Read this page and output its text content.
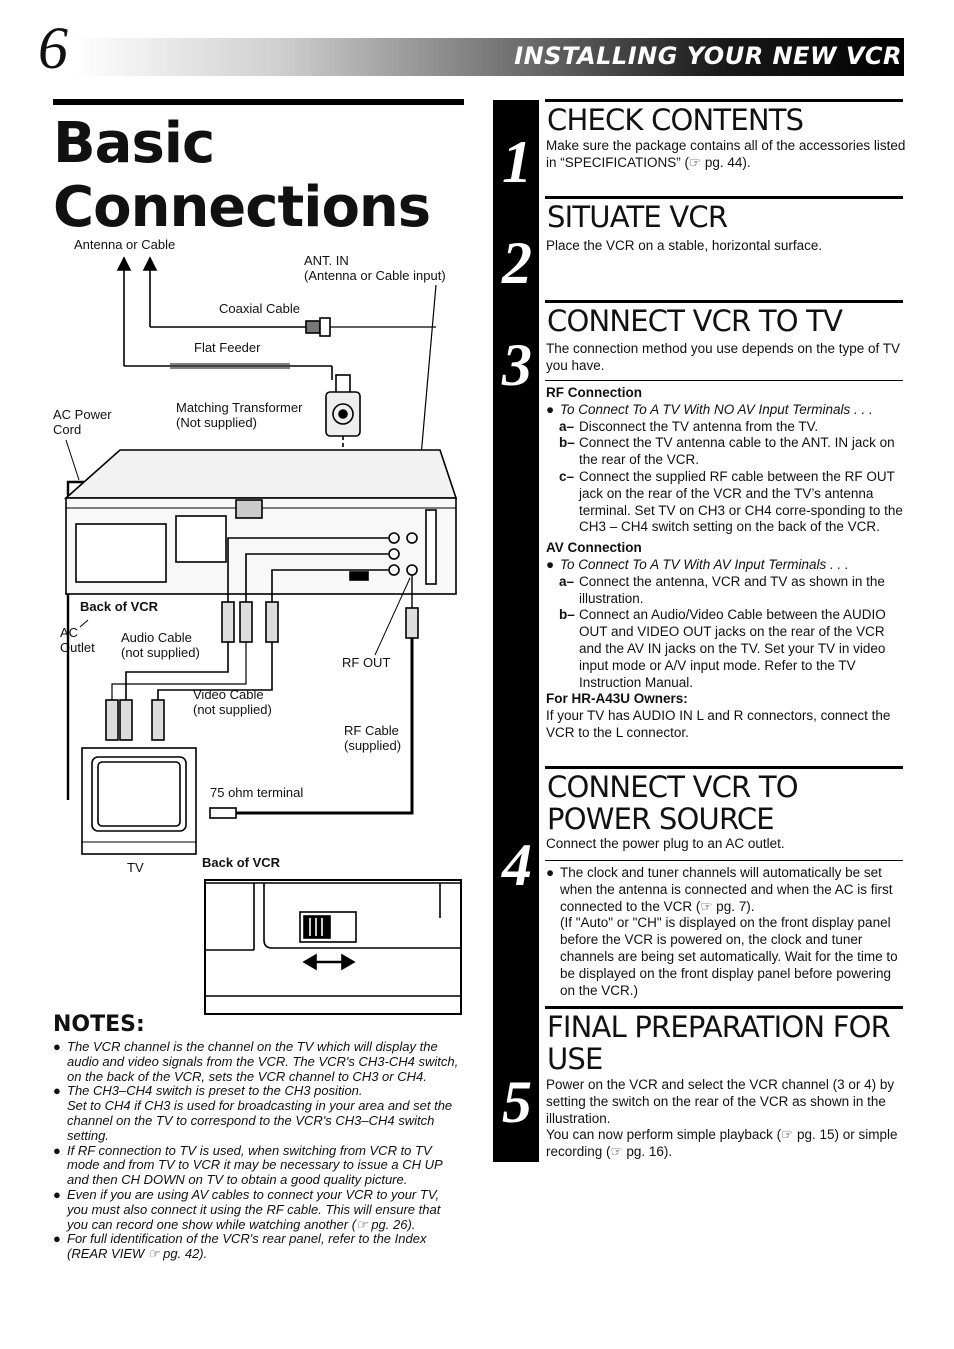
6	INSTALLING YOUR NEW VCR
Basic
Connections
Antenna or Cable
ANT. IN
(Antenna or Cable input)
Coaxial Cable
Flat Feeder
AC Power
Cord
Matching Transformer
(Not supplied)
Back of VCR
AC
Outlet
Audio Cable
(not supplied)
RF OUT
Video Cable
(not supplied)
RF Cable
(supplied)
75 ohm terminal
TV	Back of VCR
NOTES:
● The VCR channel is the channel on the TV which will display the audio and video signals from the VCR. The VCR's CH3-CH4 switch, on the back of the VCR, sets the VCR channel to CH3 or CH4.
● The CH3–CH4 switch is preset to the CH3 position.
Set to CH4 if CH3 is used for broadcasting in your area and set the channel on the TV to correspond to the VCR's CH3–CH4 switch setting.
● If RF connection to TV is used, when switching from VCR to TV mode and from TV to VCR it may be necessary to issue a CH UP and then CH DOWN on TV to obtain a good quality picture.
● Even if you are using AV cables to connect your VCR to your TV, you must also connect it using the RF cable. This will ensure that you can record one show while watching another (☞ pg. 26).
● For full identification of the VCR's rear panel, refer to the Index (REAR VIEW ☞ pg. 42).
1
2
3
4
5
CHECK CONTENTS
Make sure the package contains all of the accessories listed in “SPECIFICATIONS” (☞ pg. 44).
SITUATE VCR
Place the VCR on a stable, horizontal surface.
CONNECT VCR TO TV
The connection method you use depends on the type of TV you have.
RF Connection
● To Connect To A TV With NO AV Input Terminals . . .
a– Disconnect the TV antenna from the TV.
b– Connect the TV antenna cable to the ANT. IN jack on the rear of the VCR.
c– Connect the supplied RF cable between the RF OUT jack on the rear of the VCR and the TV’s antenna terminal. Set TV on CH3 or CH4 corre-sponding to the CH3 – CH4 switch setting on the back of the VCR.
AV Connection
● To Connect To A TV With AV Input Terminals . . .
a– Connect the antenna, VCR and TV as shown in the illustration.
b– Connect an Audio/Video Cable between the AUDIO OUT and VIDEO OUT jacks on the rear of the VCR and the AV IN jacks on the TV. Set your TV in video input mode or A/V input mode. Refer to the TV Instruction Manual.
For HR-A43U Owners:
If your TV has AUDIO IN L and R connectors, connect the VCR to the L connector.
CONNECT VCR TO POWER SOURCE
Connect the power plug to an AC outlet.
● The clock and tuner channels will automatically be set when the antenna is connected and when the AC is first connected to the VCR (☞ pg. 7).
(If "Auto" or "CH" is displayed on the front display panel before the VCR is powered on, the clock and tuner channels are being set automatically. Wait for the time to be displayed on the front display panel before powering on the VCR.)
FINAL PREPARATION FOR USE
Power on the VCR and select the VCR channel (3 or 4) by setting the switch on the rear of the VCR as shown in the illustration.
You can now perform simple playback (☞ pg. 15) or simple recording (☞ pg. 16).
